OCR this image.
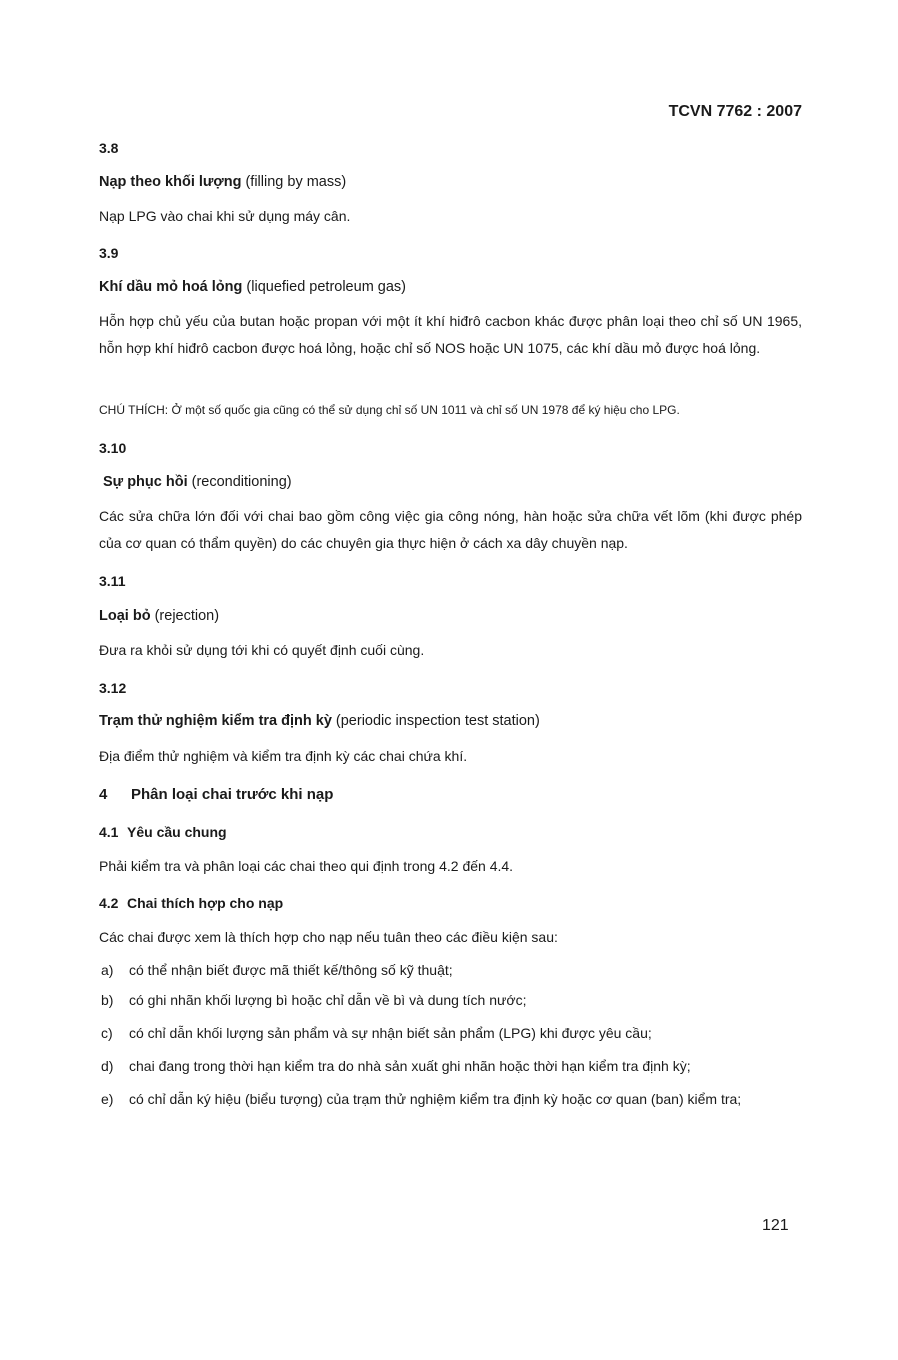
TCVN 7762 : 2007
3.8
Nạp theo khối lượng (filling by mass)
Nạp LPG vào chai khi sử dụng máy cân.
3.9
Khí dầu mỏ hoá lỏng (liquefied petroleum gas)
Hỗn hợp chủ yếu của butan hoặc propan với một ít khí hiđrô cacbon khác được phân loại theo chỉ số UN 1965, hỗn hợp khí hiđrô cacbon được hoá lỏng, hoặc chỉ số NOS hoặc UN 1075, các khí dầu mỏ được hoá lỏng.
CHÚ THÍCH: Ở một số quốc gia cũng có thể sử dụng chỉ số UN 1011 và chỉ số UN 1978 để ký hiệu cho LPG.
3.10
Sự phục hồi (reconditioning)
Các sửa chữa lớn đối với chai bao gồm công việc gia công nóng, hàn hoặc sửa chữa vết lõm (khi được phép của cơ quan có thẩm quyền) do các chuyên gia thực hiện ở cách xa dây chuyền nạp.
3.11
Loại bỏ (rejection)
Đưa ra khỏi sử dụng tới khi có quyết định cuối cùng.
3.12
Trạm thử nghiệm kiểm tra định kỳ (periodic inspection test station)
Địa điểm thử nghiệm và kiểm tra định kỳ các chai chứa khí.
4 Phân loại chai trước khi nạp
4.1 Yêu cầu chung
Phải kiểm tra và phân loại các chai theo qui định trong 4.2 đến 4.4.
4.2 Chai thích hợp cho nạp
Các chai được xem là thích hợp cho nạp nếu tuân theo các điều kiện sau:
a) có thể nhận biết được mã thiết kế/thông số kỹ thuật;
b) có ghi nhãn khối lượng bì hoặc chỉ dẫn về bì và dung tích nước;
c) có chỉ dẫn khối lượng sản phẩm và sự nhận biết sản phẩm (LPG) khi được yêu cầu;
d) chai đang trong thời hạn kiểm tra do nhà sản xuất ghi nhãn hoặc thời hạn kiểm tra định kỳ;
e) có chỉ dẫn ký hiệu (biểu tượng) của trạm thử nghiệm kiểm tra định kỳ hoặc cơ quan (ban) kiểm tra;
121
